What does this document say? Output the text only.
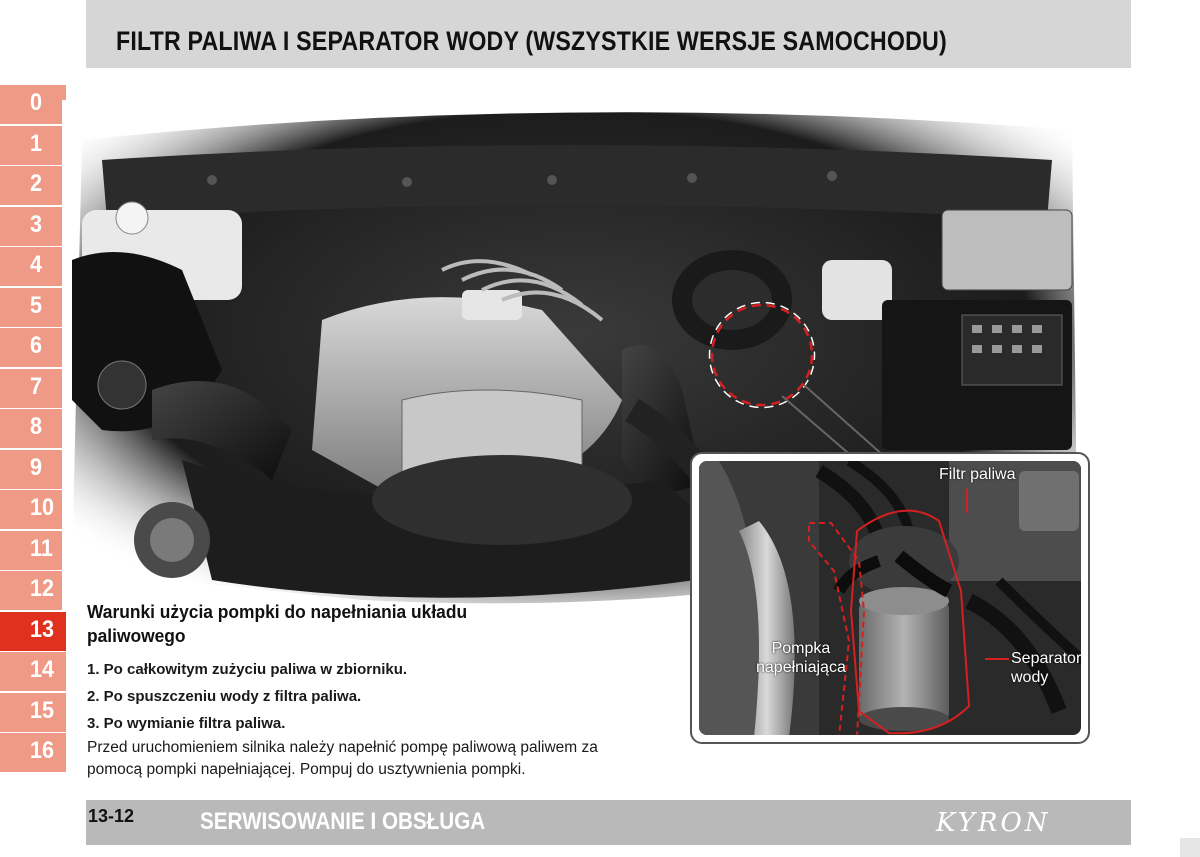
FILTR PALIWA I SEPARATOR WODY (WSZYSTKIE WERSJE SAMOCHODU)
0
1
2
3
4
5
6
7
8
9
10
11
12
13
14
15
16
Filtr paliwa
Pompka
napełniająca
Separator
wody
Warunki użycia pompki do napełniania układu paliwowego
1. Po całkowitym zużyciu paliwa w zbiorniku.
2. Po spuszczeniu wody z filtra paliwa.
3. Po wymianie filtra paliwa.

Przed uruchomieniem silnika należy napełnić pompę paliwową paliwem za pomocą pompki napełniającej. Pompuj do usztywnienia pompki.

13-12	SERWISOWANIE I OBSŁUGA	KYRON
